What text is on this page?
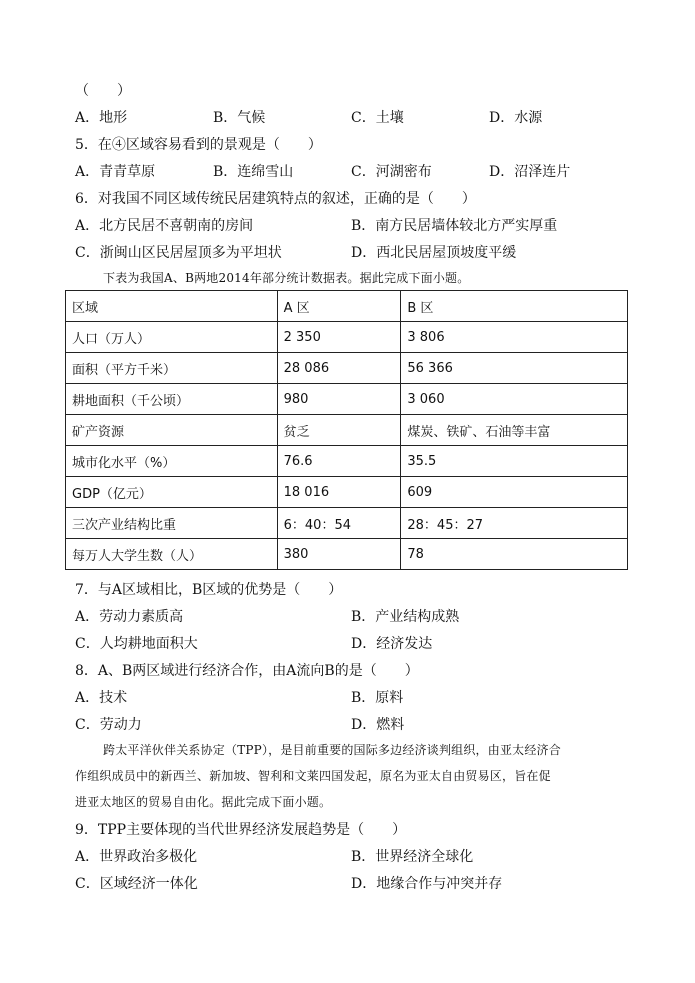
（　　）
A．地形	B．气候	C．土壤	D．水源
5．在④区域容易看到的景观是（　　）
A．青青草原	B．连绵雪山	C．河湖密布	D．沼泽连片
6．对我国不同区域传统民居建筑特点的叙述，正确的是（　　）
A．北方民居不喜朝南的房间	B．南方民居墙体较北方严实厚重
C．浙闽山区民居屋顶多为平坦状	D．西北民居屋顶坡度平缓
下表为我国A、B两地2014年部分统计数据表。据此完成下面小题。
区域	A 区	B 区
人口（万人）	2 350	3 806
面积（平方千米）	28 086	56 366
耕地面积（千公顷）	980	3 060
矿产资源	贫乏	煤炭、铁矿、石油等丰富
城市化水平（%）	76.6	35.5
GDP（亿元）	18 016	609
三次产业结构比重	6：40：54	28：45：27
每万人大学生数（人）	380	78
7．与A区域相比，B区域的优势是（　　）
A．劳动力素质高	B．产业结构成熟
C．人均耕地面积大	D．经济发达
8．A、B两区域进行经济合作，由A流向B的是（　　）
A．技术	B．原料
C．劳动力	D．燃料
跨太平洋伙伴关系协定（TPP），是目前重要的国际多边经济谈判组织，由亚太经济合
作组织成员中的新西兰、新加坡、智利和文莱四国发起，原名为亚太自由贸易区，旨在促
进亚太地区的贸易自由化。据此完成下面小题。
9．TPP主要体现的当代世界经济发展趋势是（　　）
A．世界政治多极化	B．世界经济全球化
C．区域经济一体化	D．地缘合作与冲突并存
